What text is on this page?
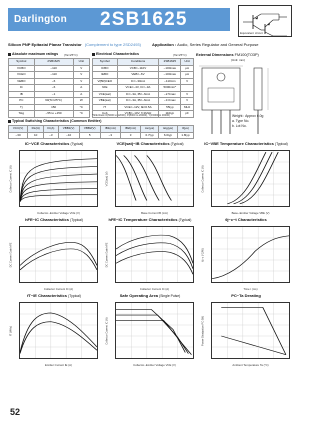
Darlington 2SB1625
Equivalent circuit
Silicon PNP Epitaxial Planar Transistor (Complement to type 2SD2493)	Application : Audio, Series Regulator and General Purpose
Absolute maximum ratings (Ta=25°C)
Symbol	2SB1625	Unit
VCBO	−110	V
VCEO	−110	V
VEBO	−6	V
IC	−6	A
IB	−1	A
PC	60(Tc=25°C)	W
Tj	150	°C
Tstg	−55 to +150	°C
Electrical Characteristics	(Ta=25°C)
Symbol	Conditions	2SB1625	Unit
ICBO	VCB=−110V	−100max	μA
IEBO	VEB=−6V	−100max	μA
V(BR)CEO	IC=−30mA	−110min	V
hFE	VCE=−4V, IC=−3A	5000min*	
VCE(sat)	IC=−3A, IB=−6mA	−2.5max	V
VBE(sat)	IC=−3A, IB=−6mA	−3.0max	V
fT	VCE=−12V, IE=0.5A	55typ	MHz
Cob	VCB=−10V, f=1MHz	110typ	pF
*hFE Rank O(5000 to 12000), P(8000 to 20000), Y(15000 to 30000)
Typical Switching Characteristics (Common Emitter)
VCC(V)	RL(Ω)	IC(A)	VBB1(V)	VBB2(V)	IB1(mA)	IB2(mA)	ton(μs)	tstg(μs)	tf(μs)
−30	10	−3	−10	5	−3	3	0.7typ	6.0typ	1.8typ
External Dimensions FM100(TO3P)
(Unit: mm)
Weight : Approx 6.0g
a. Type No.
b. Lot No.
IC−VCE Characteristics (Typical)
Collector Current IC (A)
Collector−Emitter Voltage VCE (V)
VCE(sat)−IB Characteristics (Typical)
VCE(sat) (V)
Base Current IB (mA)
IC−VBE Temperature Characteristics (Typical)
Collector Current IC (A)
Base−Emitter Voltage VBE (V)
hFE−IC Characteristics (Typical)
DC Current Gain hFE
Collector Current IC (A)
hFE−IC Temperature Characteristics (Typical)
DC Current Gain hFE
Collector Current IC (A)
θj−c−t Characteristics
θj−c (°C/W)
Time t (ms)
fT−IE Characteristics (Typical)
fT (MHz)
Emitter Current IE (A)
Safe Operating Area (Single Pulse)
Collector Current IC (A)
Collector−Emitter Voltage VCE (V)
PC−Ta Derating
Power Dissipation PC (W)
Ambient Temperature Ta (°C)
52
